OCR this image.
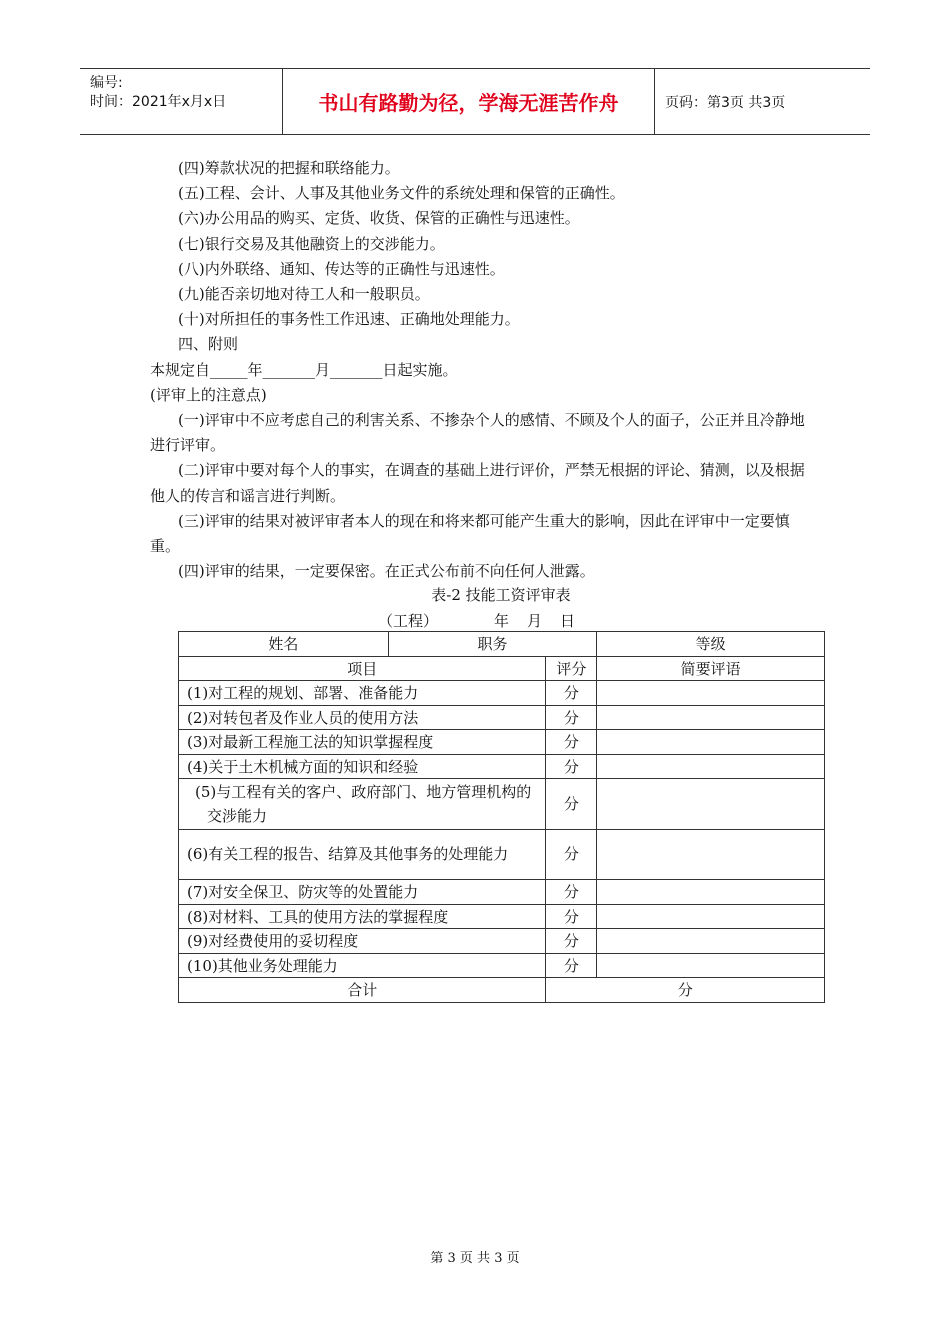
编号:
时间：2021年x月x日	书山有路勤为径，学海无涯苦作舟	页码：第3页 共3页

(四)筹款状况的把握和联络能力。

(五)工程、会计、人事及其他业务文件的系统处理和保管的正确性。

(六)办公用品的购买、定货、收货、保管的正确性与迅速性。

(七)银行交易及其他融资上的交涉能力。

(八)内外联络、通知、传达等的正确性与迅速性。

(九)能否亲切地对待工人和一般职员。

(十)对所担任的事务性工作迅速、正确地处理能力。

四、附则

本规定自_____年_______月_______日起实施。

(评审上的注意点)

(一)评审中不应考虑自己的利害关系、不掺杂个人的感情、不顾及个人的面子，公正并且冷静地进行评审。

(二)评审中要对每个人的事实，在调查的基础上进行评价，严禁无根据的评论、猜测，以及根据他人的传言和谣言进行判断。

(三)评审的结果对被评审者本人的现在和将来都可能产生重大的影响，因此在评审中一定要慎重。

(四)评审的结果，一定要保密。在正式公布前不向任何人泄露。

表-2 技能工资评审表
（工程）	年 月 日
姓名	职务		等级
项目		评分	简要评语
(1)对工程的规划、部署、准备能力		分	
(2)对转包者及作业人员的使用方法		分	
(3)对最新工程施工法的知识掌握程度		分	
(4)关于土木机械方面的知识和经验		分	

(5)与工程有关的客户、政府部门、地方管理机构的交涉能力		分	
(6)有关工程的报告、结算及其他事务的处理能力		分	
(7)对安全保卫、防灾等的处置能力		分	
(8)对材料、工具的使用方法的掌握程度		分	
(9)对经费使用的妥切程度		分	
(10)其他业务处理能力		分	
合计		分	
第 3 页 共 3 页
